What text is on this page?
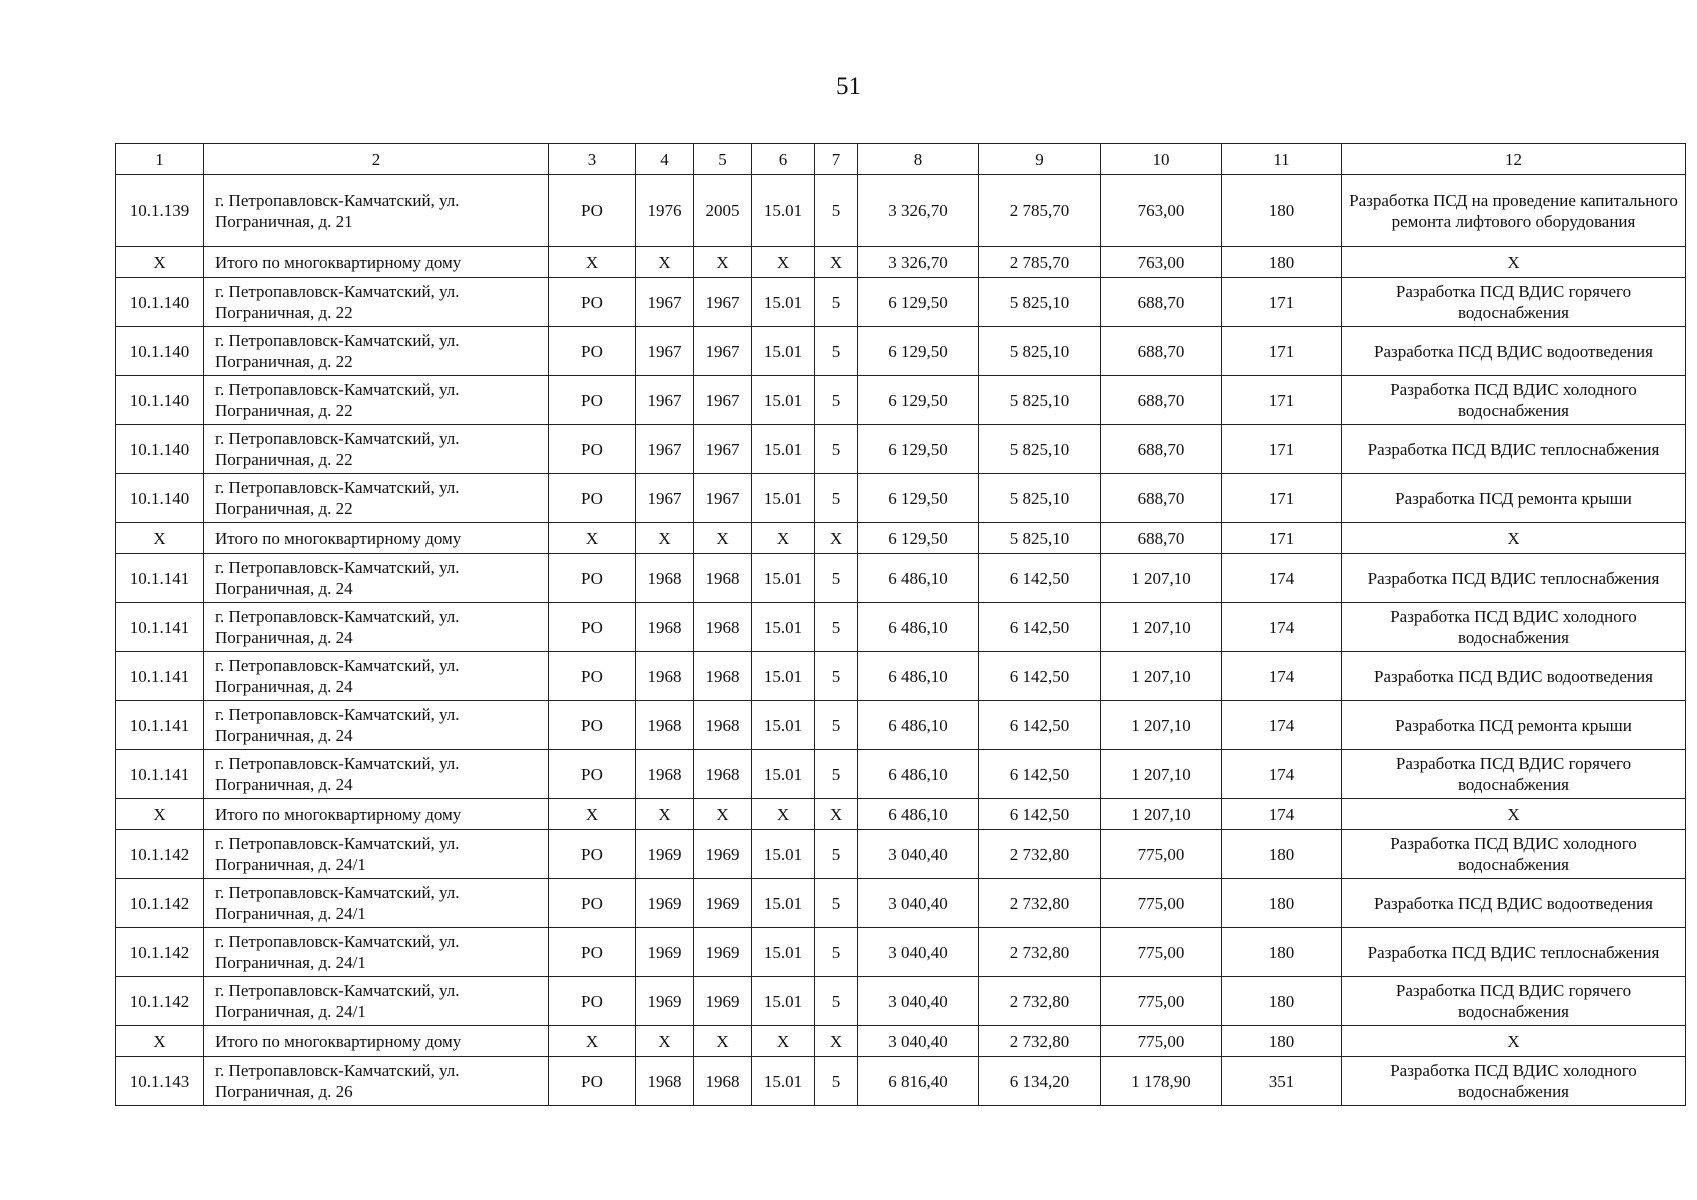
51
1	2	3	4	5	6	7	8	9	10	11	12
10.1.139	г. Петропавловск-Камчатский, ул. Пограничная, д. 21	РО	1976	2005	15.01	5	3 326,70	2 785,70	763,00	180	Разработка ПСД на проведение капитального ремонта лифтового оборудования
X	Итого по многоквартирному дому	X	X	X	X	X	3 326,70	2 785,70	763,00	180	X
10.1.140	г. Петропавловск-Камчатский, ул. Пограничная, д. 22	РО	1967	1967	15.01	5	6 129,50	5 825,10	688,70	171	Разработка ПСД ВДИС горячего водоснабжения
10.1.140	г. Петропавловск-Камчатский, ул. Пограничная, д. 22	РО	1967	1967	15.01	5	6 129,50	5 825,10	688,70	171	Разработка ПСД ВДИС водоотведения
10.1.140	г. Петропавловск-Камчатский, ул. Пограничная, д. 22	РО	1967	1967	15.01	5	6 129,50	5 825,10	688,70	171	Разработка ПСД ВДИС холодного водоснабжения
10.1.140	г. Петропавловск-Камчатский, ул. Пограничная, д. 22	РО	1967	1967	15.01	5	6 129,50	5 825,10	688,70	171	Разработка ПСД ВДИС теплоснабжения
10.1.140	г. Петропавловск-Камчатский, ул. Пограничная, д. 22	РО	1967	1967	15.01	5	6 129,50	5 825,10	688,70	171	Разработка ПСД ремонта крыши
X	Итого по многоквартирному дому	X	X	X	X	X	6 129,50	5 825,10	688,70	171	X
10.1.141	г. Петропавловск-Камчатский, ул. Пограничная, д. 24	РО	1968	1968	15.01	5	6 486,10	6 142,50	1 207,10	174	Разработка ПСД ВДИС теплоснабжения
10.1.141	г. Петропавловск-Камчатский, ул. Пограничная, д. 24	РО	1968	1968	15.01	5	6 486,10	6 142,50	1 207,10	174	Разработка ПСД ВДИС холодного водоснабжения
10.1.141	г. Петропавловск-Камчатский, ул. Пограничная, д. 24	РО	1968	1968	15.01	5	6 486,10	6 142,50	1 207,10	174	Разработка ПСД ВДИС водоотведения
10.1.141	г. Петропавловск-Камчатский, ул. Пограничная, д. 24	РО	1968	1968	15.01	5	6 486,10	6 142,50	1 207,10	174	Разработка ПСД ремонта крыши
10.1.141	г. Петропавловск-Камчатский, ул. Пограничная, д. 24	РО	1968	1968	15.01	5	6 486,10	6 142,50	1 207,10	174	Разработка ПСД ВДИС горячего водоснабжения
X	Итого по многоквартирному дому	X	X	X	X	X	6 486,10	6 142,50	1 207,10	174	X
10.1.142	г. Петропавловск-Камчатский, ул. Пограничная, д. 24/1	РО	1969	1969	15.01	5	3 040,40	2 732,80	775,00	180	Разработка ПСД ВДИС холодного водоснабжения
10.1.142	г. Петропавловск-Камчатский, ул. Пограничная, д. 24/1	РО	1969	1969	15.01	5	3 040,40	2 732,80	775,00	180	Разработка ПСД ВДИС водоотведения
10.1.142	г. Петропавловск-Камчатский, ул. Пограничная, д. 24/1	РО	1969	1969	15.01	5	3 040,40	2 732,80	775,00	180	Разработка ПСД ВДИС теплоснабжения
10.1.142	г. Петропавловск-Камчатский, ул. Пограничная, д. 24/1	РО	1969	1969	15.01	5	3 040,40	2 732,80	775,00	180	Разработка ПСД ВДИС горячего водоснабжения
X	Итого по многоквартирному дому	X	X	X	X	X	3 040,40	2 732,80	775,00	180	X
10.1.143	г. Петропавловск-Камчатский, ул. Пограничная, д. 26	РО	1968	1968	15.01	5	6 816,40	6 134,20	1 178,90	351	Разработка ПСД ВДИС холодного водоснабжения
